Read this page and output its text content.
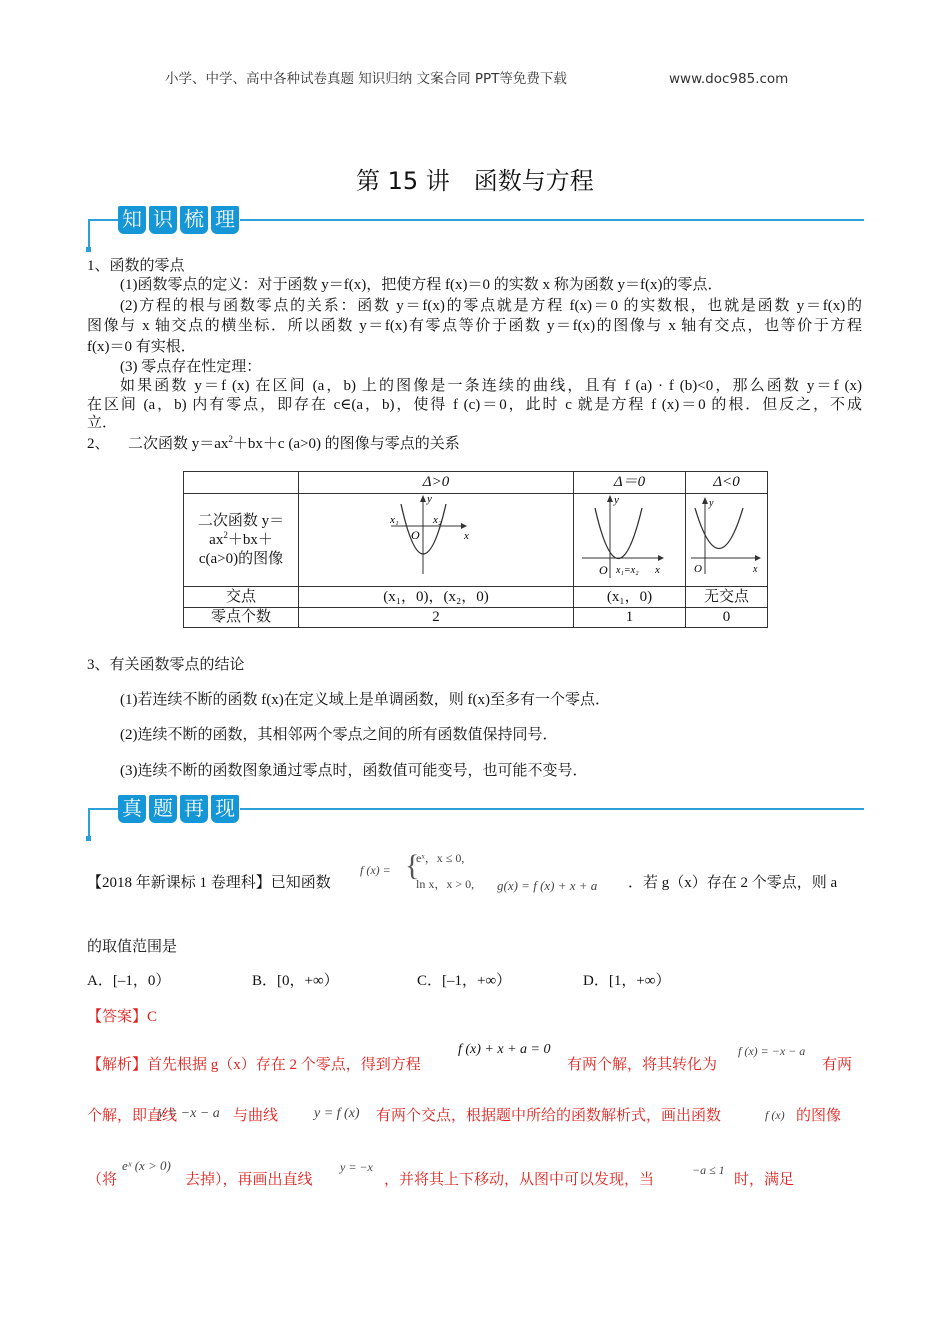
小学、中学、高中各种试卷真题 知识归纳 文案合同 PPT等免费下载	www.doc985.com
第 15 讲　函数与方程
知 识 梳 理
1、函数的零点
(1)函数零点的定义：对于函数 y＝f(x)，把使方程 f(x)＝0 的实数 x 称为函数 y＝f(x)的零点．
(2)方程的根与函数零点的关系：函数 y＝f(x)的零点就是方程 f(x)＝0 的实数根，也就是函数 y＝f(x)的
图像与 x 轴交点的横坐标．所以函数 y＝f(x)有零点等价于函数 y＝f(x)的图像与 x 轴有交点，也等价于方程
f(x)＝0 有实根．
(3) 零点存在性定理：
如果函数 y＝f (x) 在区间 (a，b) 上的图像是一条连续的曲线，且有 f (a) · f (b)<0，那么函数 y＝f (x)
在区间 (a，b) 内有零点，即存在 c∈(a，b)，使得 f (c)＝0，此时 c 就是方程 f (x)＝0 的根．但反之，不成
立．
2、 二次函数 $y=ax^2+bx+c$ (a>0) 的图像与零点的关系
	Δ>0	Δ＝0	Δ<0
二次函数 y＝
$ax^2+bx+$
c(a>0)的图像	y
x
O
x₁ x₂	y
O x₁=x₂ x	y
O x

交点	(x₁，0)，(x₂，0)	(x₁，0)	无交点
零点个数	2	1	0
3、有关函数零点的结论
(1)若连续不断的函数 f(x)在定义域上是单调函数，则 f(x)至多有一个零点．
(2)连续不断的函数，其相邻两个零点之间的所有函数值保持同号．
(3)连续不断的函数图象通过零点时，函数值可能变号，也可能不变号．
真 题 再 现
【2018 年新课标 1 卷理科】已知函数
f (x) = {
eˣ，x ≤ 0,
ln x，x > 0, g(x) = f (x) + x + a ．若 g（x）存在 2 个零点，则 a
的取值范围是
A．[–1，0）	B．[0，+∞）	C．[–1，+∞）	D．[1，+∞）
【答案】C
【解析】首先根据 g（x）存在 2 个零点，得到方程
f (x) + x + a = 0
有两个解，将其转化为
f (x) = −x − a
有两
个解，即直线
y = −x − a 与曲线	y = f (x) 有两个交点，根据题中所给的函数解析式，画出函数	f (x) 的图像
（将
eˣ (x > 0)
去掉），再画出直线
y = −x
，并将其上下移动，从图中可以发现，当
−a ≤ 1
时，满足
